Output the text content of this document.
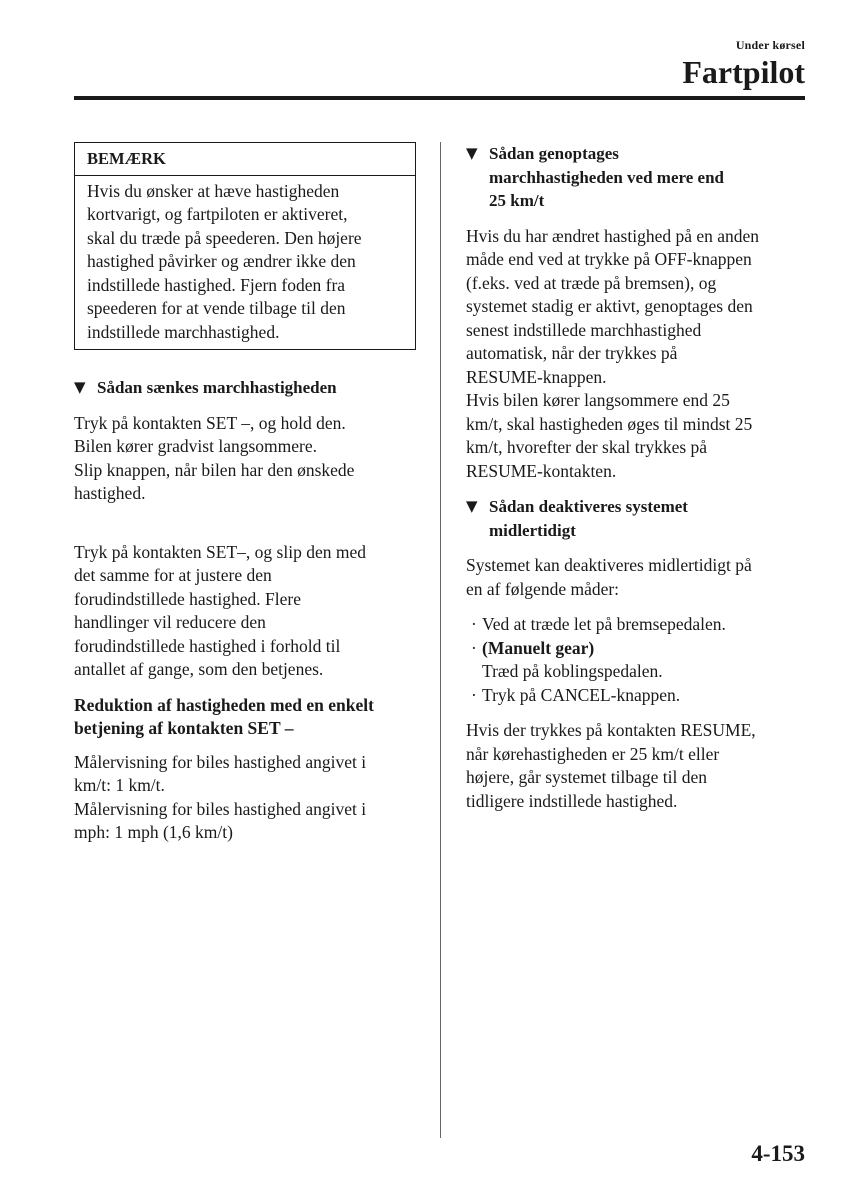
Under kørsel
Fartpilot
BEMÆRK
Hvis du ønsker at hæve hastigheden
kortvarigt, og fartpiloten er aktiveret,
skal du træde på speederen. Den højere
hastighed påvirker og ændrer ikke den
indstillede hastighed. Fjern foden fra
speederen for at vende tilbage til den
indstillede marchhastighed.
▼ Sådan sænkes marchhastigheden

Tryk på kontakten SET –, og hold den.
Bilen kører gradvist langsommere.
Slip knappen, når bilen har den ønskede
hastighed.

Tryk på kontakten SET–, og slip den med
det samme for at justere den
forudindstillede hastighed. Flere
handlinger vil reducere den
forudindstillede hastighed i forhold til
antallet af gange, som den betjenes.

Reduktion af hastigheden med en enkelt
betjening af kontakten SET –

Målervisning for biles hastighed angivet i
km/t: 1 km/t.
Målervisning for biles hastighed angivet i
mph: 1 mph (1,6 km/t)

▼ Sådan genoptages
marchhastigheden ved mere end
25 km/t

Hvis du har ændret hastighed på en anden
måde end ved at trykke på OFF-knappen
(f.eks. ved at træde på bremsen), og
systemet stadig er aktivt, genoptages den
senest indstillede marchhastighed
automatisk, når der trykkes på
RESUME-knappen.
Hvis bilen kører langsommere end 25
km/t, skal hastigheden øges til mindst 25
km/t, hvorefter der skal trykkes på
RESUME-kontakten.

▼ Sådan deaktiveres systemet
midlertidigt

Systemet kan deaktiveres midlertidigt på
en af følgende måder:

· Ved at træde let på bremsepedalen.
· (Manuelt gear)
Træd på koblingspedalen.
· Tryk på CANCEL-knappen.

Hvis der trykkes på kontakten RESUME,
når kørehastigheden er 25 km/t eller
højere, går systemet tilbage til den
tidligere indstillede hastighed.

4-153
